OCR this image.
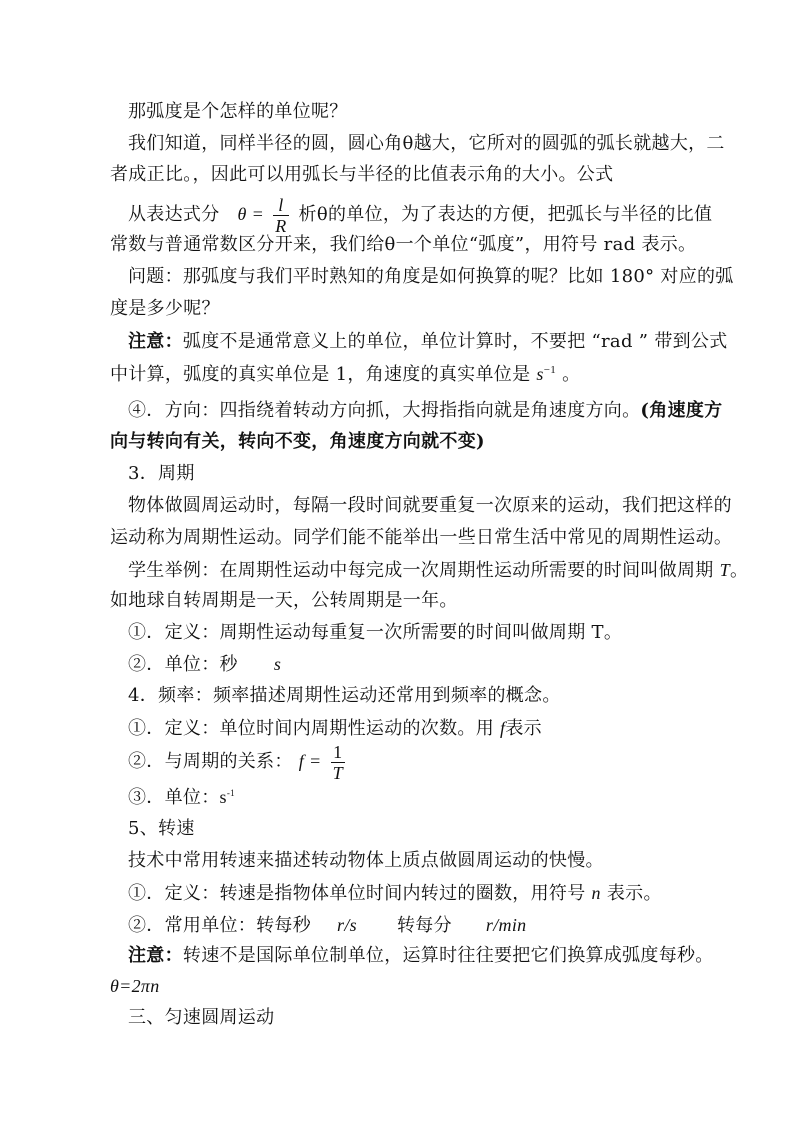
那弧度是个怎样的单位呢？
我们知道，同样半径的圆，圆心角θ越大，它所对的圆弧的弧长就越大，二
者成正比。，因此可以用弧长与半径的比值表示角的大小。公式
从表达式分 $\theta = \frac{l}{R}$ 析θ的单位，为了表达的方便，把弧长与半径的比值
常数与普通常数区分开来，我们给θ一个单位“弧度”，用符号 rad 表示。
问题：那弧度与我们平时熟知的角度是如何换算的呢？比如 180° 对应的弧
度是多少呢？
注意：弧度不是通常意义上的单位，单位计算时，不要把 “rad ” 带到公式
中计算，弧度的真实单位是 1，角速度的真实单位是 $s^{-1}$ 。
④．方向：四指绕着转动方向抓，大拇指指向就是角速度方向。(角速度方
向与转向有关，转向不变，角速度方向就不变)
3．周期
物体做圆周运动时，每隔一段时间就要重复一次原来的运动，我们把这样的
运动称为周期性运动。同学们能不能举出一些日常生活中常见的周期性运动。
学生举例：在周期性运动中每完成一次周期性运动所需要的时间叫做周期 T。
如地球自转周期是一天，公转周期是一年。
①．定义：周期性运动每重复一次所需要的时间叫做周期 T。
②．单位：秒 s
4．频率：频率描述周期性运动还常用到频率的概念。
①．定义：单位时间内周期性运动的次数。用 f表示
②．与周期的关系： $f = \frac{1}{T}$
③．单位：$s^{-1}$
5、转速
技术中常用转速来描述转动物体上质点做圆周运动的快慢。
①．定义：转速是指物体单位时间内转过的圈数，用符号 n 表示。
②．常用单位：转每秒 r/s 转每分 r/min
注意：转速不是国际单位制单位，运算时往往要把它们换算成弧度每秒。
θ=2πn
三、匀速圆周运动
